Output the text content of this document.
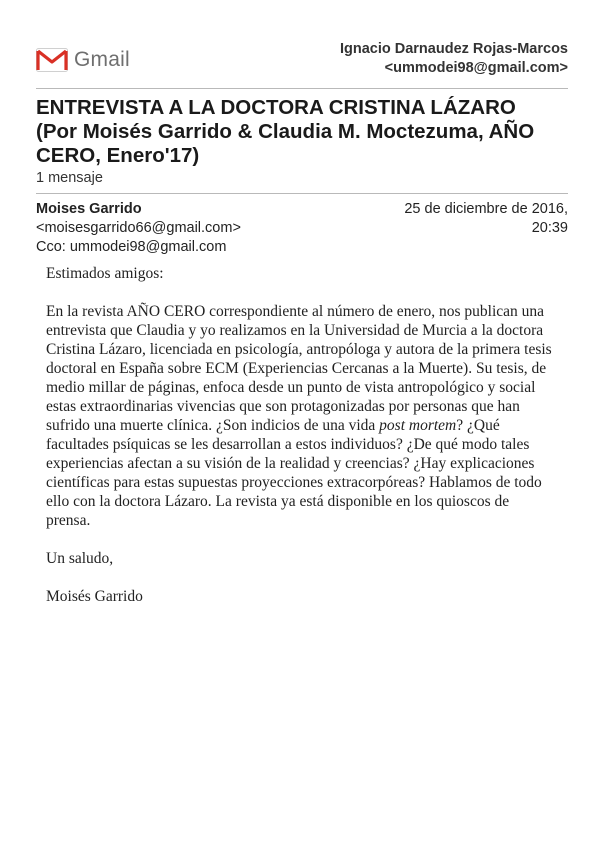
Gmail	Ignacio Darnaudez Rojas-Marcos
<ummodei98@gmail.com>
ENTREVISTA A LA DOCTORA CRISTINA LÁZARO
(Por Moisés Garrido & Claudia M. Moctezuma, AÑO
CERO, Enero'17)
1 mensaje
Moises Garrido
<moisesgarrido66@gmail.com>
Cco: ummodei98@gmail.com
25 de diciembre de 2016,
20:39

Estimados amigos:

En la revista AÑO CERO correspondiente al número de enero, nos publican una entrevista que Claudia y yo realizamos en la Universidad de Murcia a la doctora Cristina Lázaro, licenciada en psicología, antropóloga y autora de la primera tesis doctoral en España sobre ECM (Experiencias Cercanas a la Muerte). Su tesis, de medio millar de páginas, enfoca desde un punto de vista antropológico y social estas extraordinarias vivencias que son protagonizadas por personas que han sufrido una muerte clínica. ¿Son indicios de una vida post mortem? ¿Qué facultades psíquicas se les desarrollan a estos individuos? ¿De qué modo tales experiencias afectan a su visión de la realidad y creencias? ¿Hay explicaciones científicas para estas supuestas proyecciones extracorpóreas? Hablamos de todo ello con la doctora Lázaro. La revista ya está disponible en los quioscos de prensa.

Un saludo,

Moisés Garrido
